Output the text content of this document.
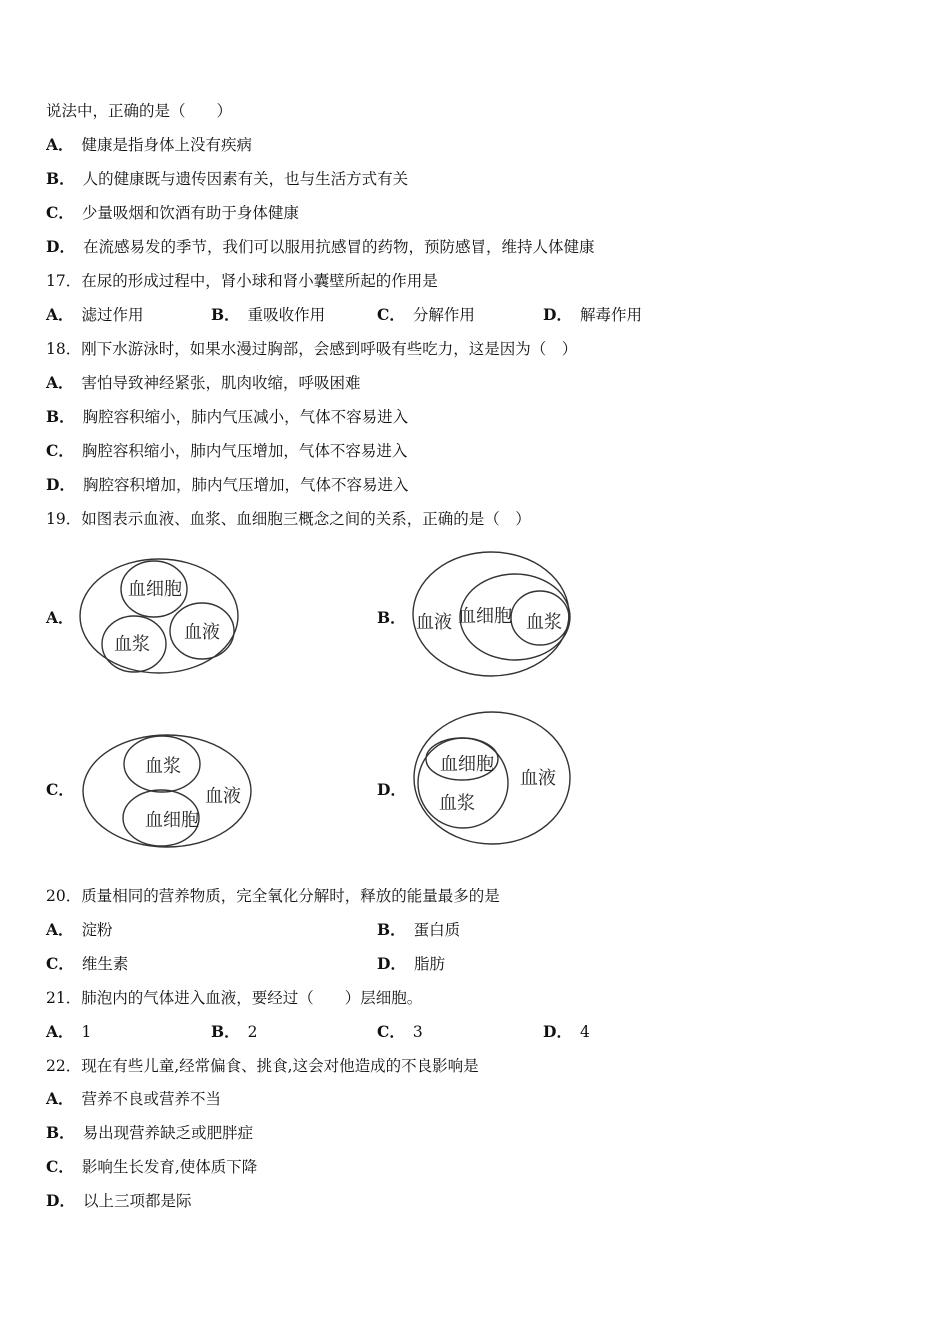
说法中，正确的是（　　）
A． 健康是指身体上没有疾病
B． 人的健康既与遗传因素有关，也与生活方式有关
C． 少量吸烟和饮酒有助于身体健康
D． 在流感易发的季节，我们可以服用抗感冒的药物，预防感冒，维持人体健康
17．在尿的形成过程中，肾小球和肾小囊壁所起的作用是
A． 滤过作用	B． 重吸收作用	C． 分解作用	D． 解毒作用
18．刚下水游泳时，如果水漫过胸部，会感到呼吸有些吃力，这是因为（　）
A． 害怕导致神经紧张，肌肉收缩，呼吸困难
B． 胸腔容积缩小，肺内气压减小，气体不容易进入
C． 胸腔容积缩小，肺内气压增加，气体不容易进入
D． 胸腔容积增加，肺内气压增加，气体不容易进入
19．如图表示血液、血浆、血细胞三概念之间的关系，正确的是（　）
A．
血细胞
血浆
血液
B． 血液 血细胞 血浆
C．
血浆
血细胞
血液	D．
血细胞
血浆
血液
20．质量相同的营养物质，完全氧化分解时，释放的能量最多的是
A． 淀粉	B． 蛋白质
C． 维生素	D． 脂肪
21．肺泡内的气体进入血液，要经过（　　）层细胞。
A． 1	B． 2	C． 3	D． 4
22．现在有些儿童,经常偏食、挑食,这会对他造成的不良影响是
A． 营养不良或营养不当
B． 易出现营养缺乏或肥胖症
C． 影响生长发育,使体质下降
D． 以上三项都是际
